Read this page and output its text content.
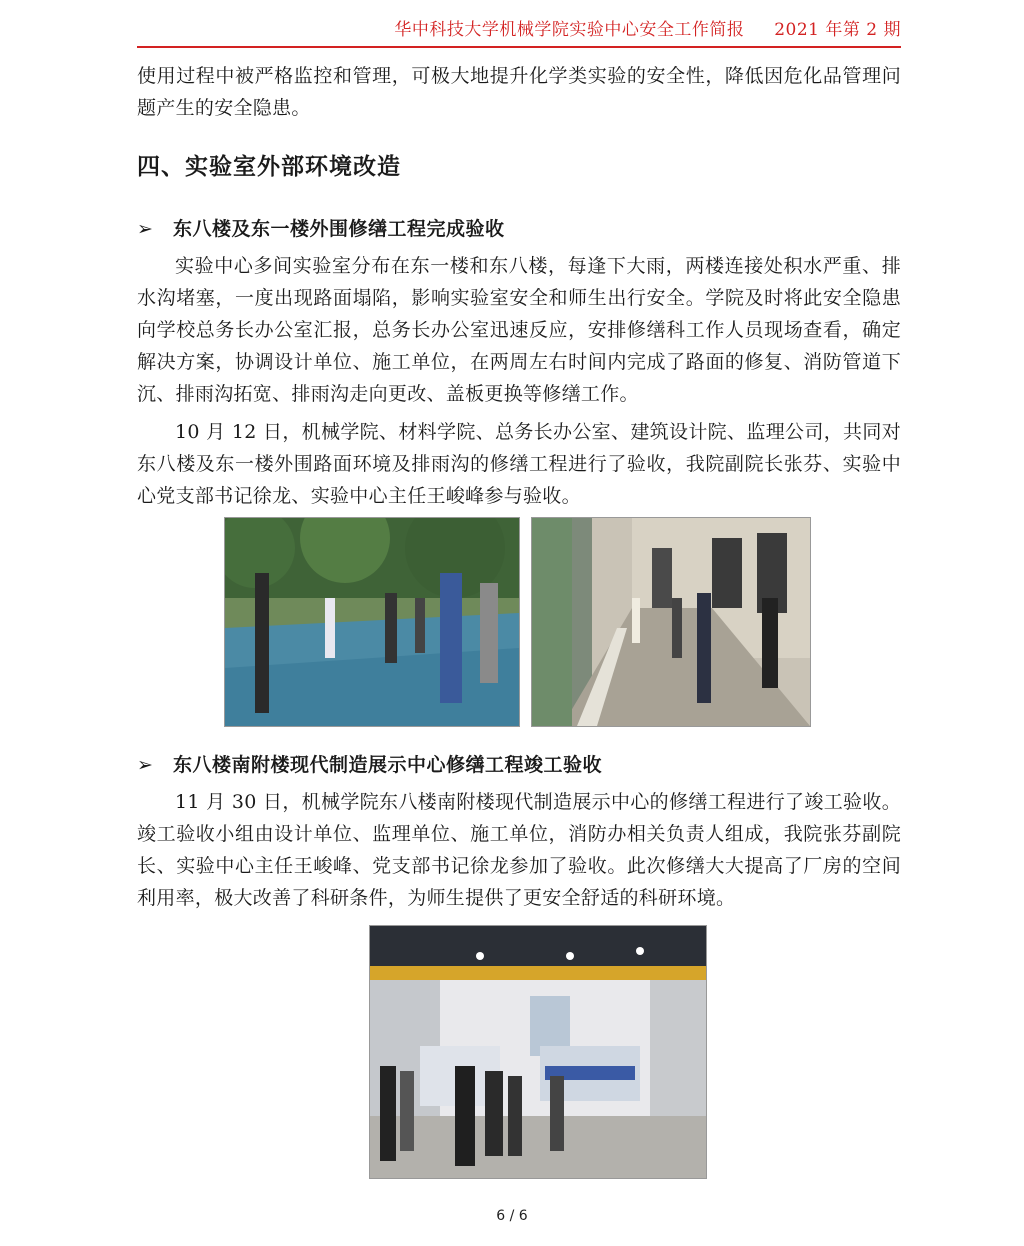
华中科技大学机械学院实验中心安全工作简报 2021 年第 2 期
使用过程中被严格监控和管理，可极大地提升化学类实验的安全性，降低因危化品管理问题产生的安全隐患。
四、实验室外部环境改造
➢ 东八楼及东一楼外围修缮工程完成验收
实验中心多间实验室分布在东一楼和东八楼，每逢下大雨，两楼连接处积水严重、排水沟堵塞，一度出现路面塌陷，影响实验室安全和师生出行安全。学院及时将此安全隐患向学校总务长办公室汇报，总务长办公室迅速反应，安排修缮科工作人员现场查看，确定解决方案，协调设计单位、施工单位，在两周左右时间内完成了路面的修复、消防管道下沉、排雨沟拓宽、排雨沟走向更改、盖板更换等修缮工作。
10 月 12 日，机械学院、材料学院、总务长办公室、建筑设计院、监理公司，共同对东八楼及东一楼外围路面环境及排雨沟的修缮工程进行了验收，我院副院长张芬、实验中心党支部书记徐龙、实验中心主任王峻峰参与验收。
➢ 东八楼南附楼现代制造展示中心修缮工程竣工验收
11 月 30 日，机械学院东八楼南附楼现代制造展示中心的修缮工程进行了竣工验收。竣工验收小组由设计单位、监理单位、施工单位，消防办相关负责人组成，我院张芬副院长、实验中心主任王峻峰、党支部书记徐龙参加了验收。此次修缮大大提高了厂房的空间利用率，极大改善了科研条件，为师生提供了更安全舒适的科研环境。
6 / 6
